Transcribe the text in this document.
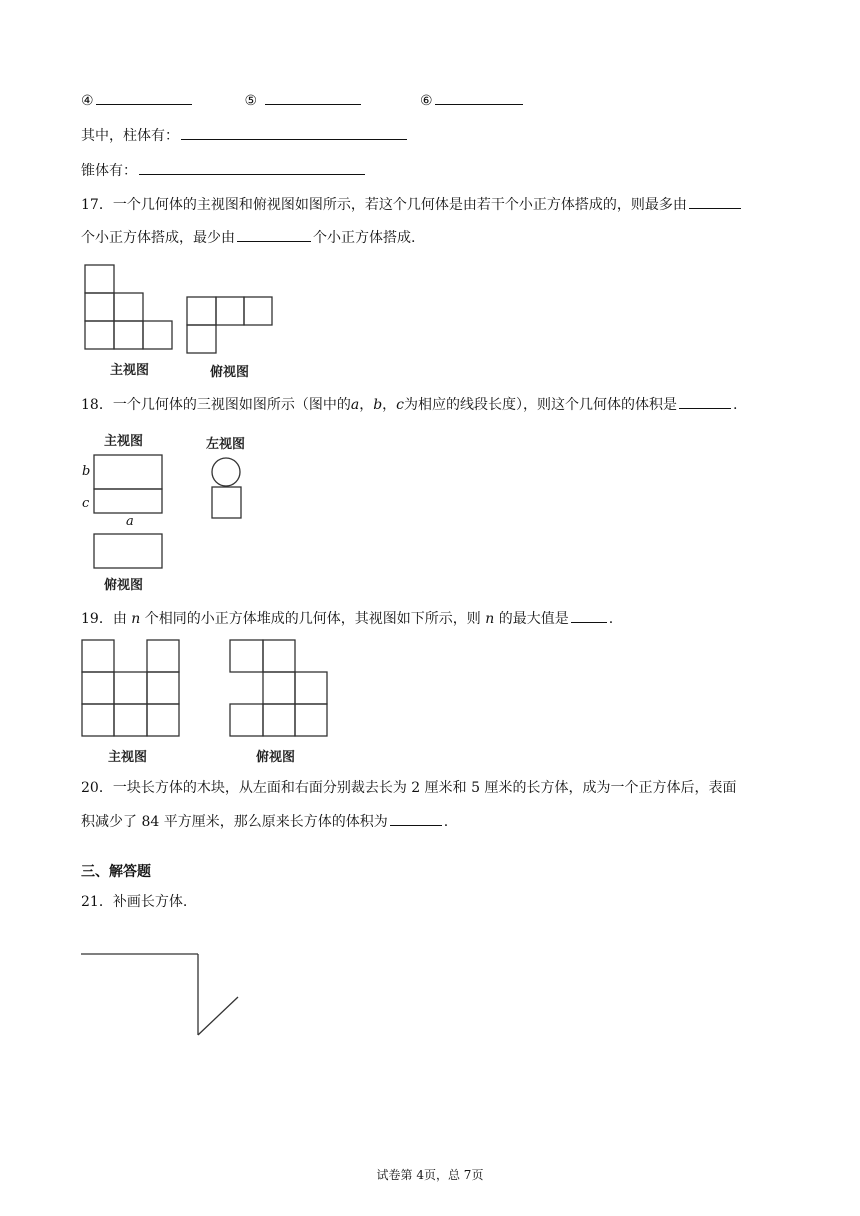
④	⑤	⑥
其中，柱体有：
锥体有：
17．一个几何体的主视图和俯视图如图所示，若这个几何体是由若干个小正方体搭成的，则最多由
个小正方体搭成，最少由	个小正方体搭成.
主视图	俯视图
18．一个几何体的三视图如图所示（图中的a，b，c为相应的线段长度），则这个几何体的体积是	.
主视图
b
c
a
俯视图
左视图
19．由 n 个相同的小正方体堆成的几何体，其视图如下所示，则 n 的最大值是	.
主视图	俯视图
20．一块长方体的木块，从左面和右面分别裁去长为 2 厘米和 5 厘米的长方体，成为一个正方体后，表面
积减少了 84 平方厘米，那么原来长方体的体积为	.
三、解答题
21．补画长方体.
试卷第 4页，总 7页
